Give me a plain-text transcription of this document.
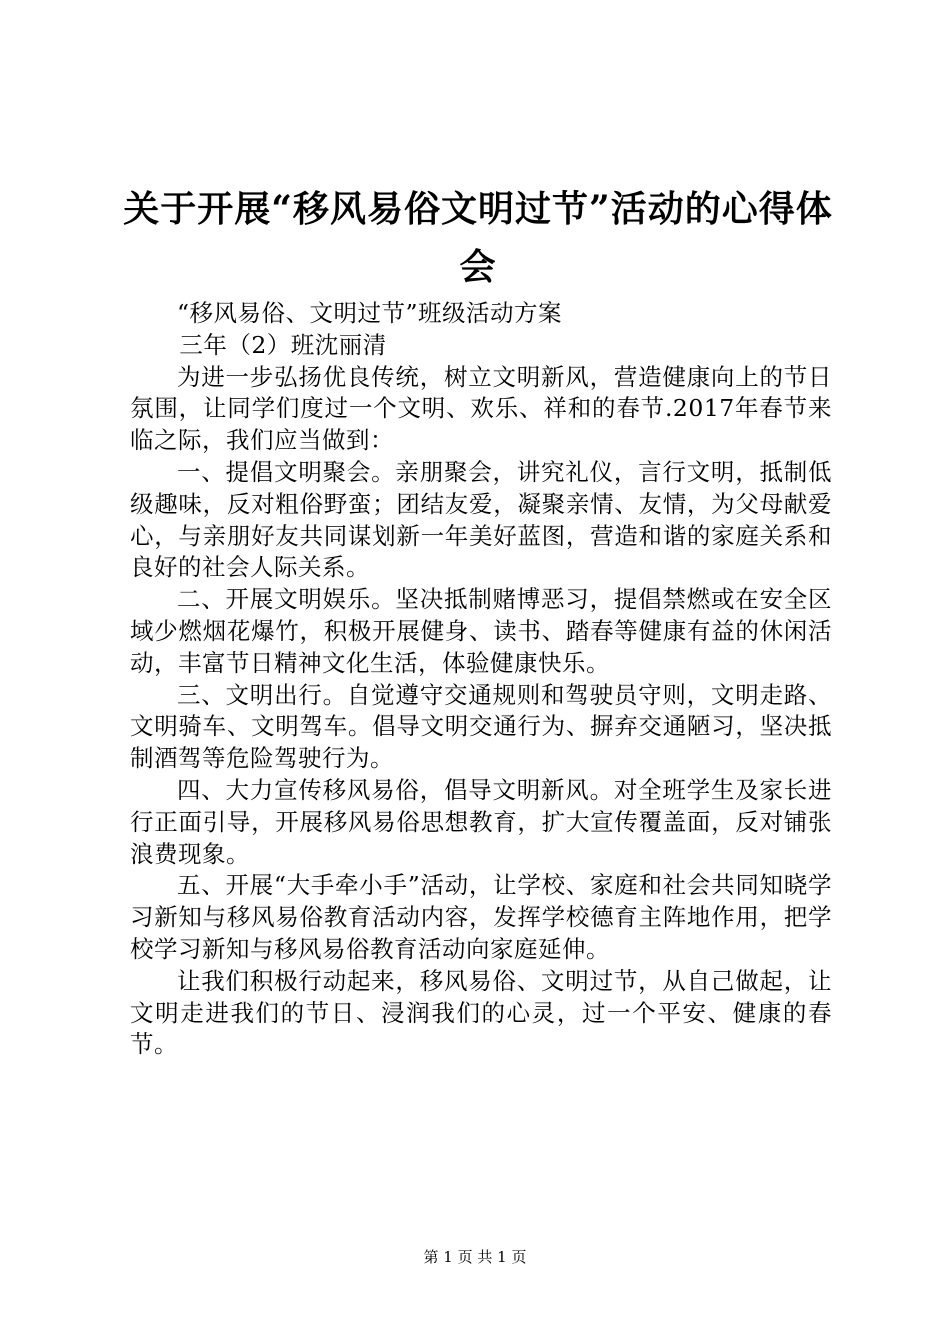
关于开展“移风易俗文明过节”活动的心得体会

“移风易俗、文明过节”班级活动方案

三年（2）班沈丽清

为进一步弘扬优良传统，树立文明新风，营造健康向上的节日氛围，让同学们度过一个文明、欢乐、祥和的春节.2017年春节来临之际，我们应当做到：

一、提倡文明聚会。亲朋聚会，讲究礼仪，言行文明，抵制低级趣味，反对粗俗野蛮；团结友爱，凝聚亲情、友情，为父母献爱心，与亲朋好友共同谋划新一年美好蓝图，营造和谐的家庭关系和良好的社会人际关系。

二、开展文明娱乐。坚决抵制赌博恶习，提倡禁燃或在安全区域少燃烟花爆竹，积极开展健身、读书、踏春等健康有益的休闲活动，丰富节日精神文化生活，体验健康快乐。

三、文明出行。自觉遵守交通规则和驾驶员守则，文明走路、文明骑车、文明驾车。倡导文明交通行为、摒弃交通陋习，坚决抵制酒驾等危险驾驶行为。

四、大力宣传移风易俗，倡导文明新风。对全班学生及家长进行正面引导，开展移风易俗思想教育，扩大宣传覆盖面，反对铺张浪费现象。

五、开展“大手牵小手”活动，让学校、家庭和社会共同知晓学习新知与移风易俗教育活动内容，发挥学校德育主阵地作用，把学校学习新知与移风易俗教育活动向家庭延伸。

让我们积极行动起来，移风易俗、文明过节，从自己做起，让文明走进我们的节日、浸润我们的心灵，过一个平安、健康的春节。

第 1 页 共 1 页
